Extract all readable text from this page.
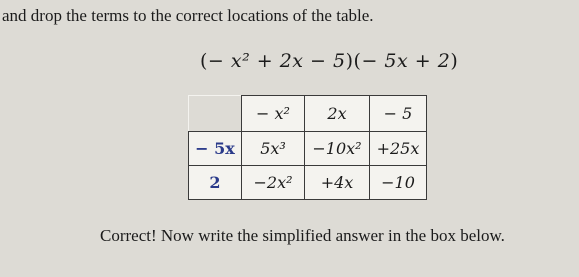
and drop the terms to the correct locations of the table.
(− x² + 2x − 5)(− 5x + 2)
	− x²	2x	− 5
− 5x	5x³	−10x²	+25x
2	−2x²	+4x	−10
Correct! Now write the simplified answer in the box below.
